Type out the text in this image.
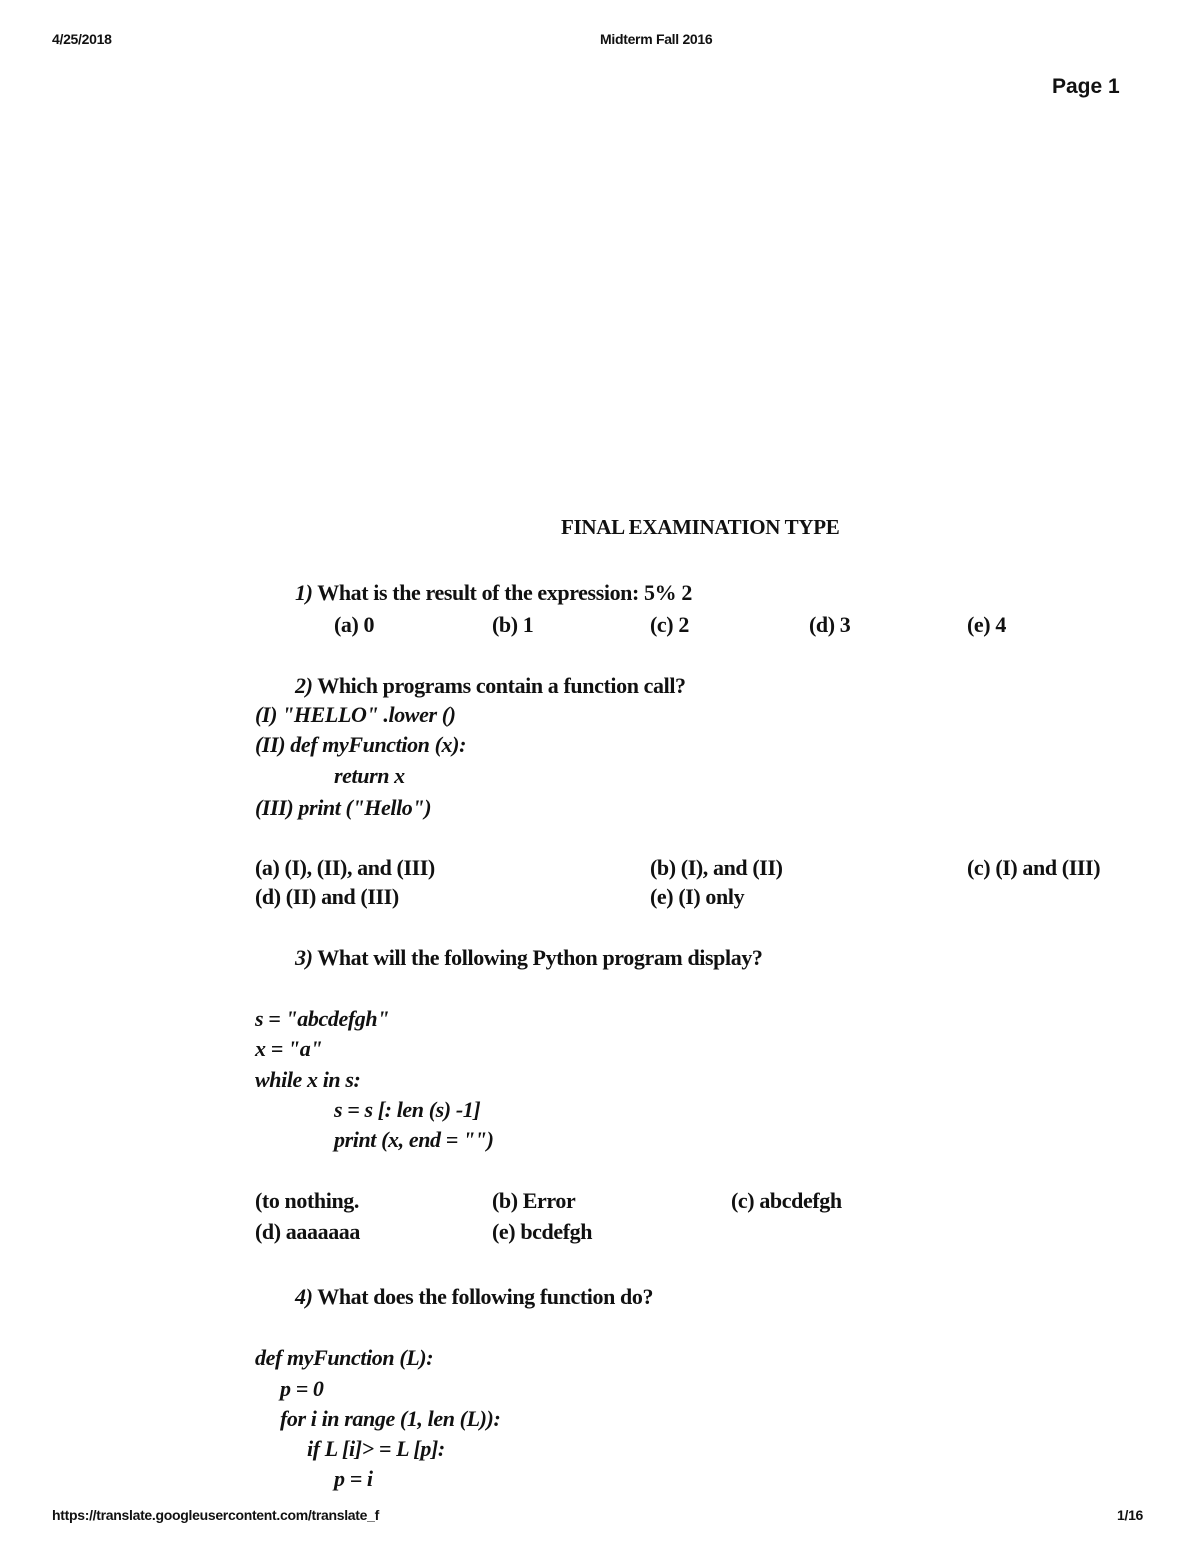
4/25/2018	Midterm Fall 2016
Page 1
FINAL EXAMINATION TYPE
1) What is the result of the expression: 5% 2
(a) 0	(b) 1	(c) 2	(d) 3	(e) 4
2) Which programs contain a function call?
(I) "HELLO" .lower ()
(II) def myFunction (x):
return x
(III) print ("Hello")
(a) (I), (II), and (III)	(b) (I), and (II)	(c) (I) and (III)
(d) (II) and (III)	(e) (I) only
3) What will the following Python program display?
s = "abcdefgh"
x = "a"
while x in s:
s = s [: len (s) -1]
print (x, end = "")
(to nothing.	(b) Error	(c) abcdefgh
(d) aaaaaaa	(e) bcdefgh
4) What does the following function do?
def myFunction (L):
p = 0
for i in range (1, len (L)):
if L [i]> = L [p]:
p = i
https://translate.googleusercontent.com/translate_f	1/16
